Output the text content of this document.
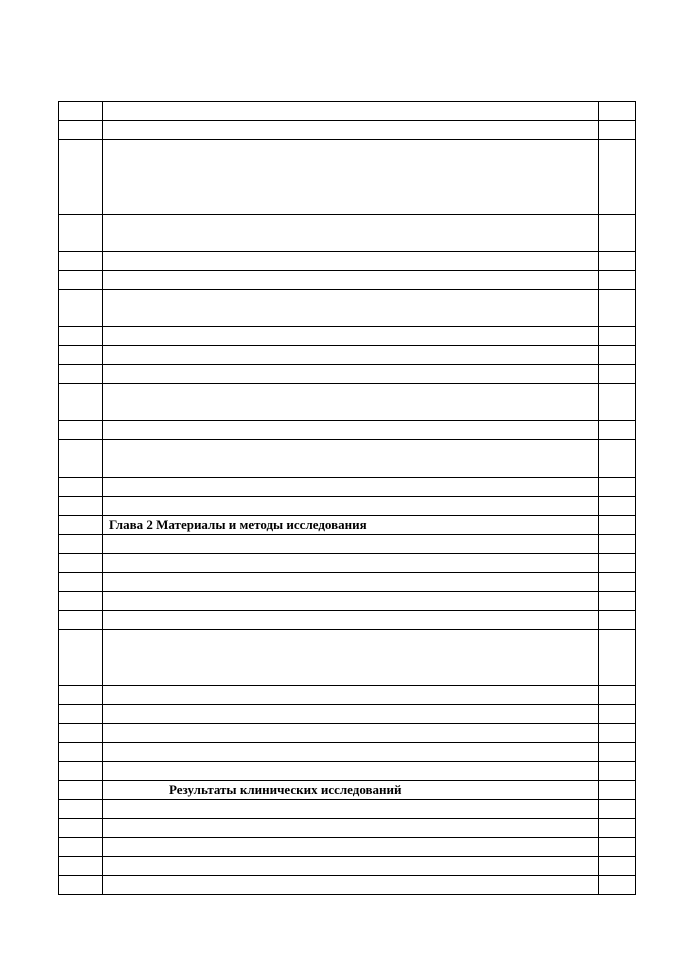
	Глава 2 Материалы и методы исследования	

	Результаты клинических исследований	
